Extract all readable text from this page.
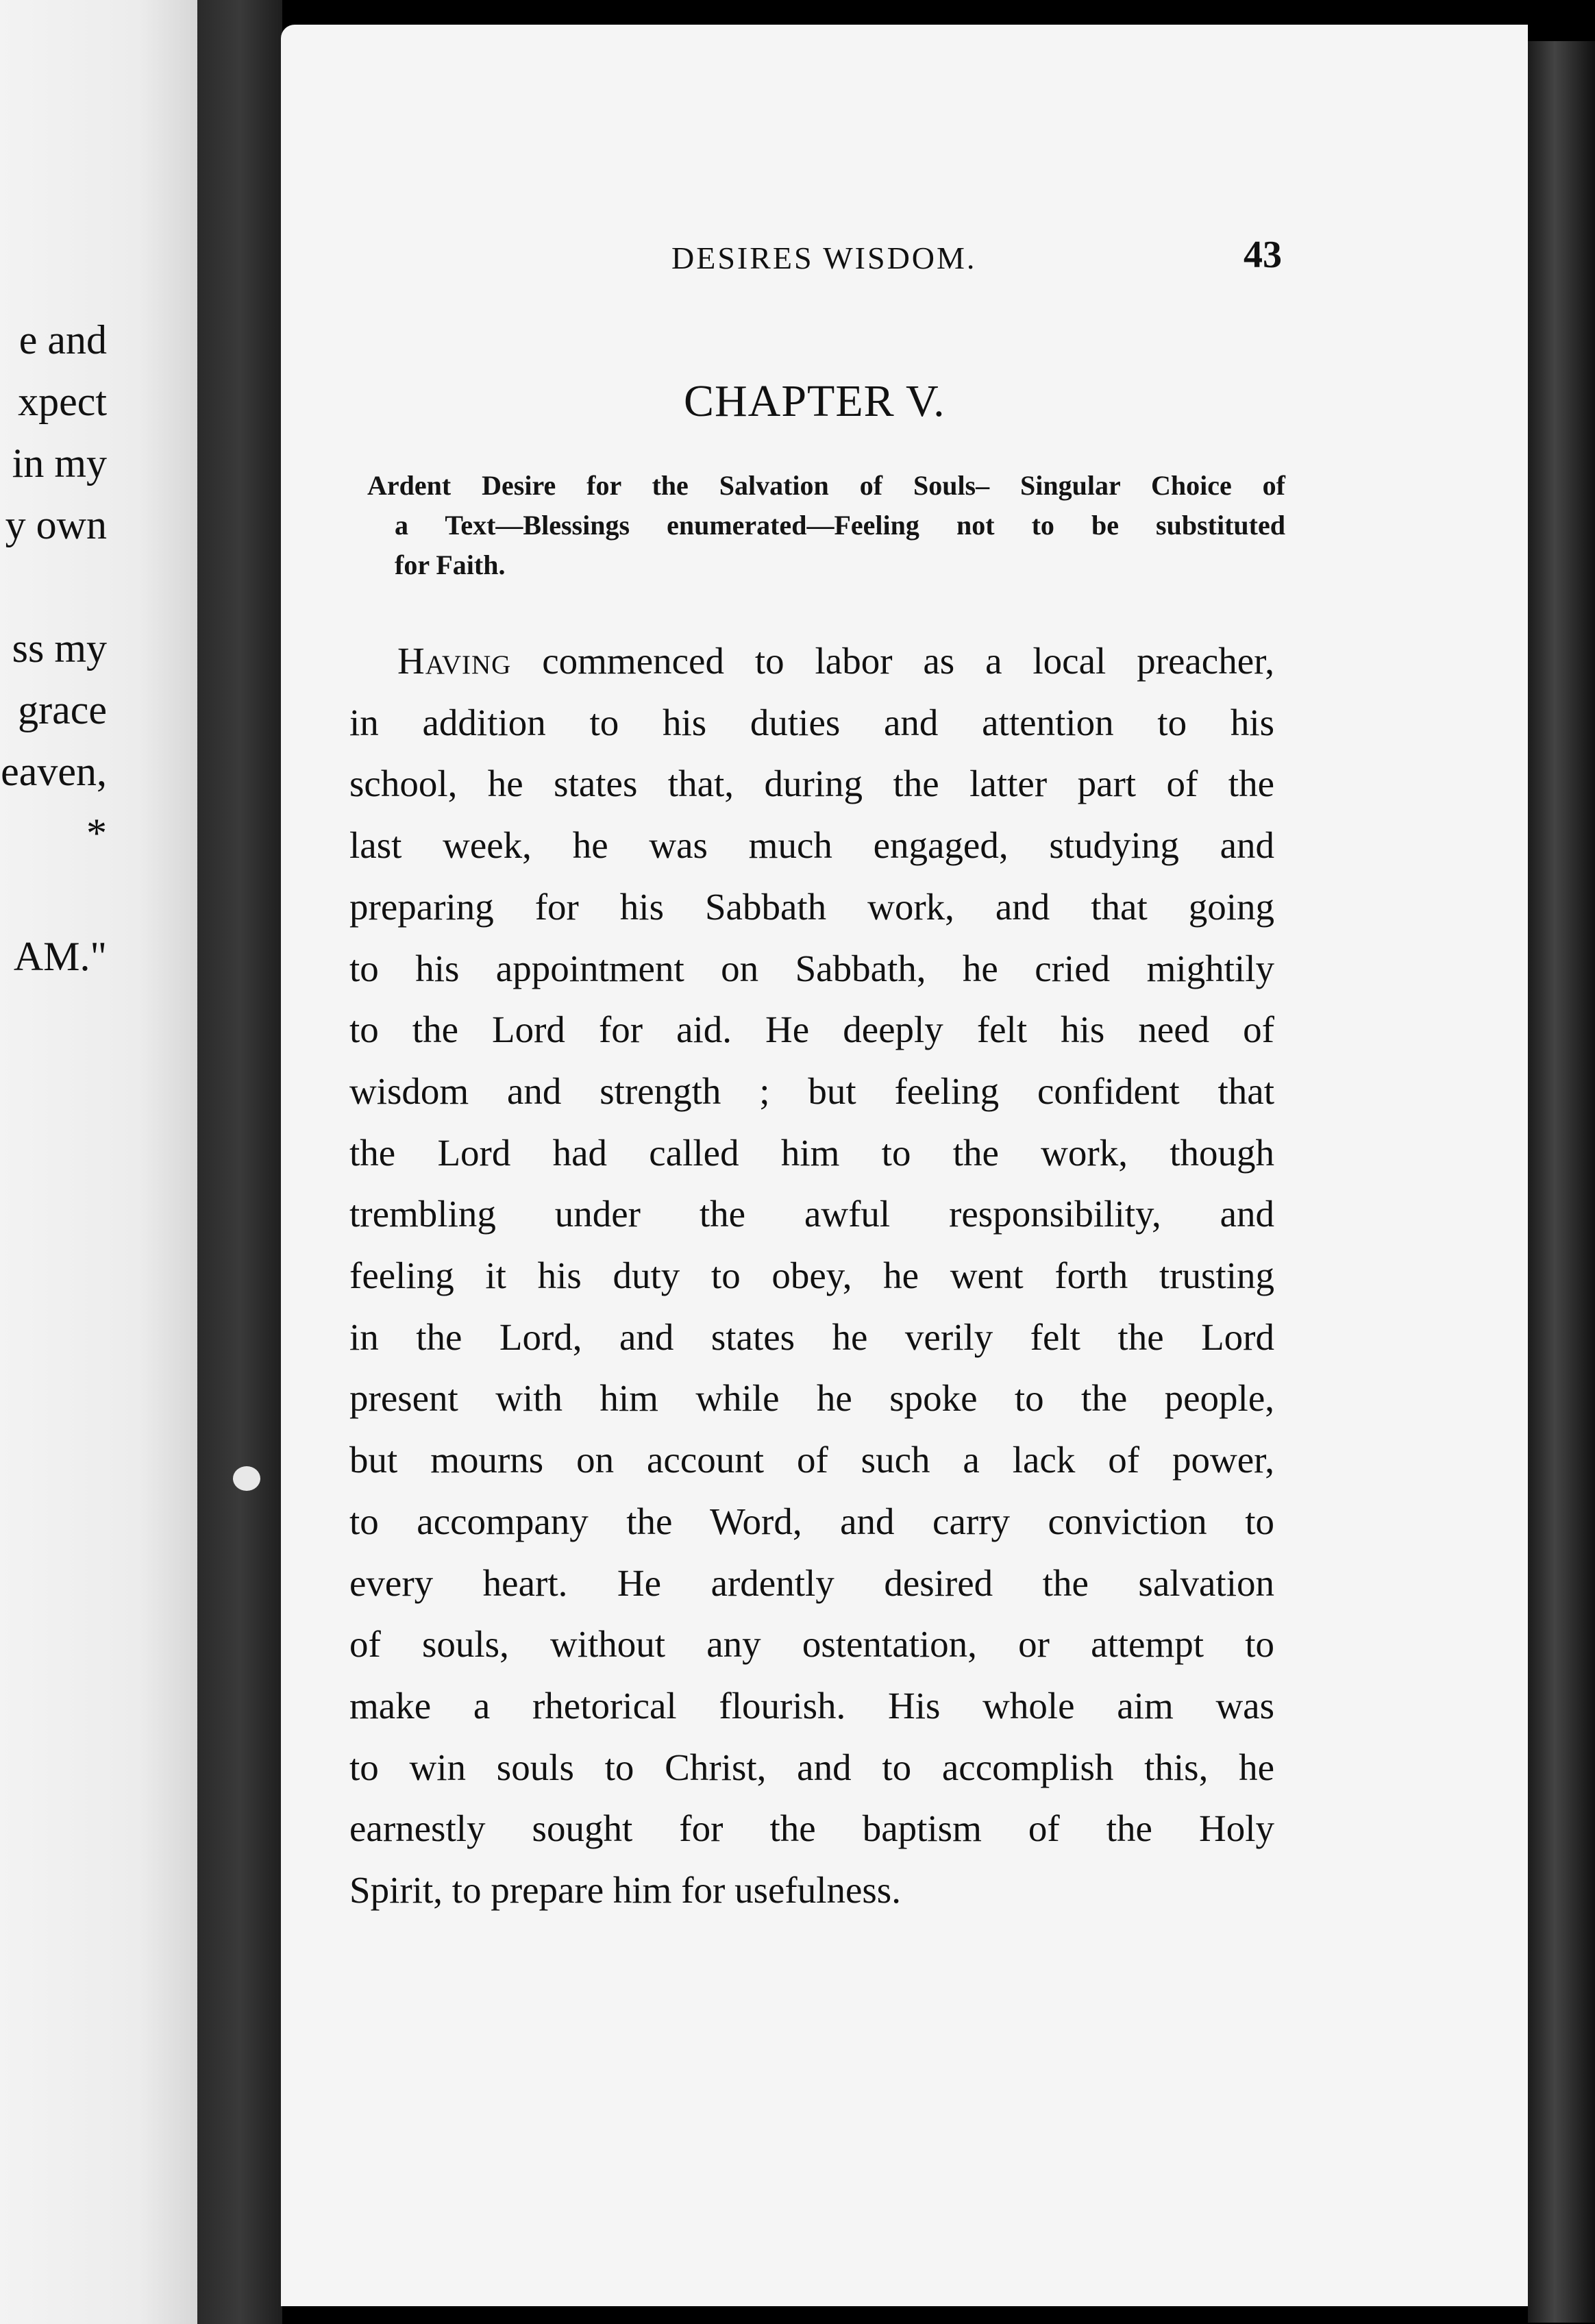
e and
xpect
in my
y own
ss my
grace
eaven,
*
AM."
DESIRES WISDOM.	43
CHAPTER V.
Ardent Desire for the Salvation of Souls– Singular Choice of
a Text—Blessings enumerated—Feeling not to be substituted
for Faith.
Having commenced to labor as a local preacher,
in addition to his duties and attention to his
school, he states that, during the latter part of the
last week, he was much engaged, studying and
preparing for his Sabbath work, and that going
to his appointment on Sabbath, he cried mightily
to the Lord for aid. He deeply felt his need of
wisdom and strength ; but feeling confident that
the Lord had called him to the work, though
trembling under the awful responsibility, and
feeling it his duty to obey, he went forth trusting
in the Lord, and states he verily felt the Lord
present with him while he spoke to the people,
but mourns on account of such a lack of power,
to accompany the Word, and carry conviction to
every heart. He ardently desired the salvation
of souls, without any ostentation, or attempt to
make a rhetorical flourish. His whole aim was
to win souls to Christ, and to accomplish this, he
earnestly sought for the baptism of the Holy
Spirit, to prepare him for usefulness.
